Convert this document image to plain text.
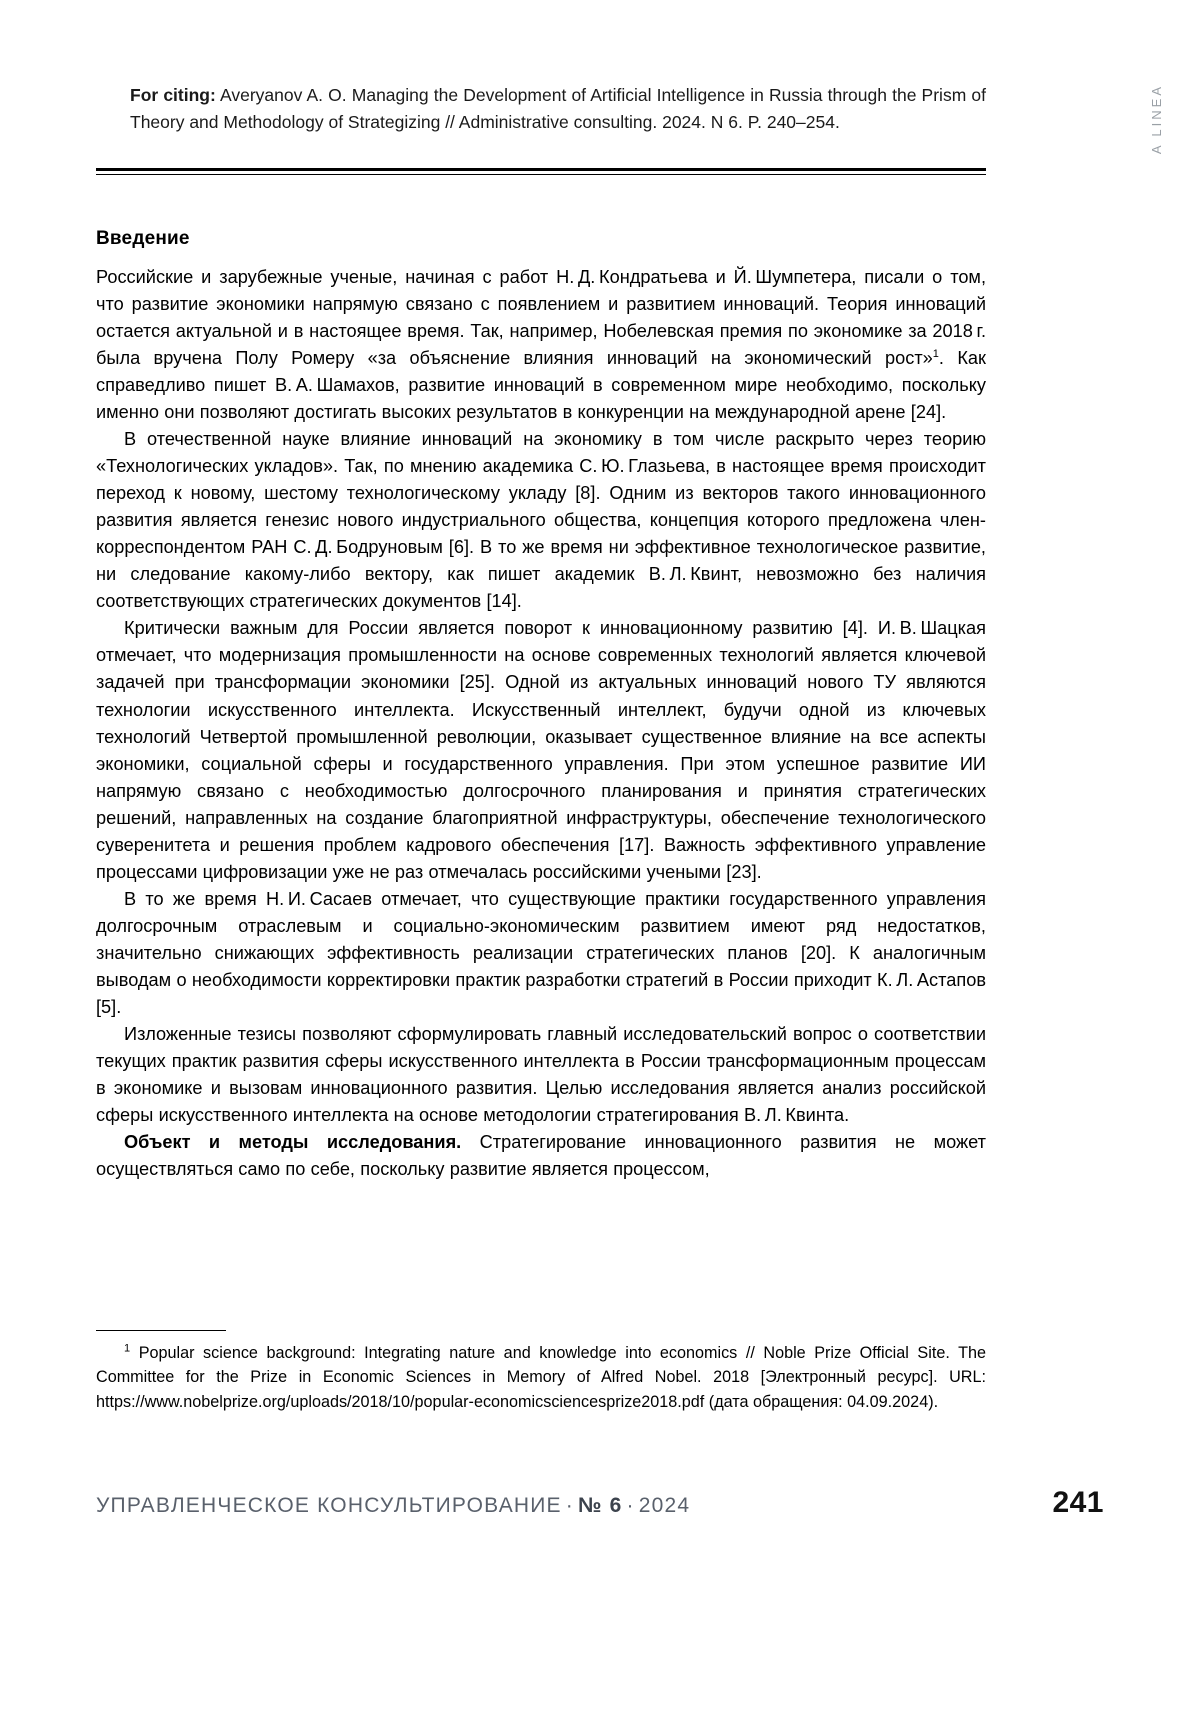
A LINEA
For citing: Averyanov A. O. Managing the Development of Artificial Intelligence in Russia through the Prism of Theory and Methodology of Strategizing // Administrative consulting. 2024. N 6. P. 240–254.
Введение

Российские и зарубежные ученые, начиная с работ Н. Д. Кондратьева и Й. Шумпетера, писали о том, что развитие экономики напрямую связано с появлением и развитием инноваций. Теория инноваций остается актуальной и в настоящее время. Так, например, Нобелевская премия по экономике за 2018 г. была вручена Полу Ромеру «за объяснение влияния инноваций на экономический рост»$^1$. Как справедливо пишет В. А. Шамахов, развитие инноваций в современном мире необходимо, поскольку именно они позволяют достигать высоких результатов в конкуренции на международной арене [24].

В отечественной науке влияние инноваций на экономику в том числе раскрыто через теорию «Технологических укладов». Так, по мнению академика С. Ю. Глазьева, в настоящее время происходит переход к новому, шестому технологическому укладу [8]. Одним из векторов такого инновационного развития является генезис нового индустриального общества, концепция которого предложена член-корреспондентом РАН С. Д. Бодруновым [6]. В то же время ни эффективное технологическое развитие, ни следование какому-либо вектору, как пишет академик В. Л. Квинт, невозможно без наличия соответствующих стратегических документов [14].

Критически важным для России является поворот к инновационному развитию [4]. И. В. Шацкая отмечает, что модернизация промышленности на основе современных технологий является ключевой задачей при трансформации экономики [25]. Одной из актуальных инноваций нового ТУ являются технологии искусственного интеллекта. Искусственный интеллект, будучи одной из ключевых технологий Четвертой промышленной революции, оказывает существенное влияние на все аспекты экономики, социальной сферы и государственного управления. При этом успешное развитие ИИ напрямую связано с необходимостью долгосрочного планирования и принятия стратегических решений, направленных на создание благоприятной инфраструктуры, обеспечение технологического суверенитета и решения проблем кадрового обеспечения [17]. Важность эффективного управление процессами цифровизации уже не раз отмечалась российскими учеными [23].

В то же время Н. И. Сасаев отмечает, что существующие практики государственного управления долгосрочным отраслевым и социально-экономическим развитием имеют ряд недостатков, значительно снижающих эффективность реализации стратегических планов [20]. К аналогичным выводам о необходимости корректировки практик разработки стратегий в России приходит К. Л. Астапов [5].

Изложенные тезисы позволяют сформулировать главный исследовательский вопрос о соответствии текущих практик развития сферы искусственного интеллекта в России трансформационным процессам в экономике и вызовам инновационного развития. Целью исследования является анализ российской сферы искусственного интеллекта на основе методологии стратегирования В. Л. Квинта.

Объект и методы исследования. Стратегирование инновационного развития не может осуществляться само по себе, поскольку развитие является процессом,

$^1$ Popular science background: Integrating nature and knowledge into economics // Noble Prize Official Site. The Committee for the Prize in Economic Sciences in Memory of Alfred Nobel. 2018 [Электронный ресурс]. URL: https://www.nobelprize.org/uploads/2018/10/popular-economicsciencesprize2018.pdf (дата обращения: 04.09.2024).
УПРАВЛЕНЧЕСКОЕ КОНСУЛЬТИРОВАНИЕ · № 6 · 2024	241
